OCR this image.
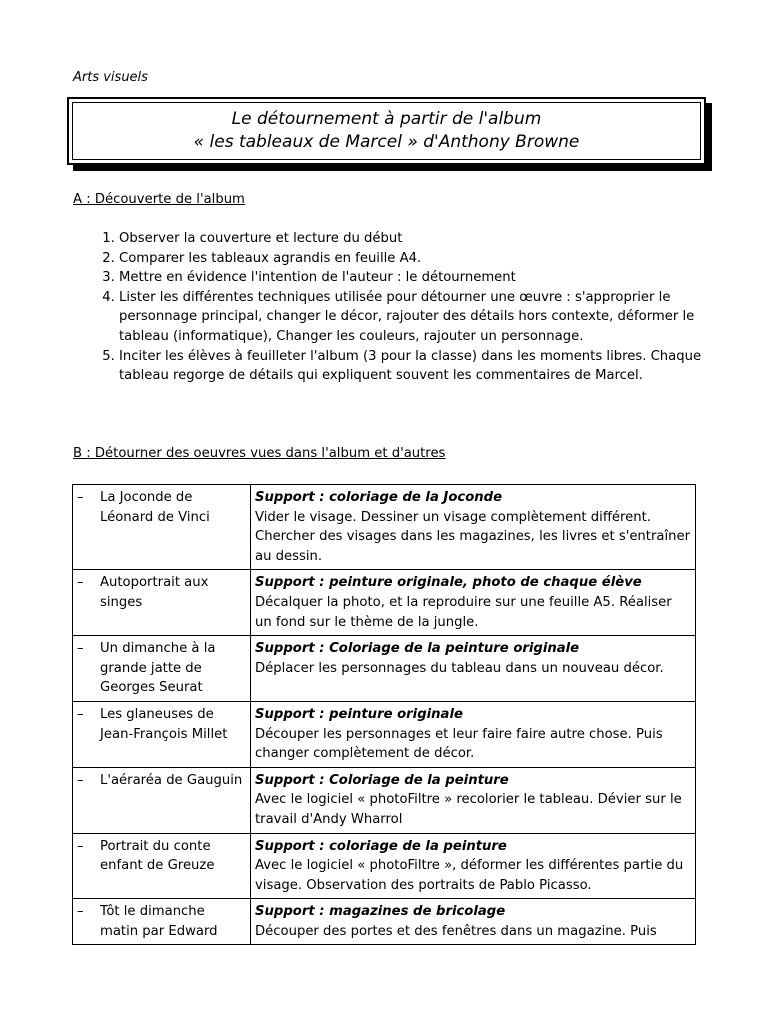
Arts visuels
Le détournement à partir de l'album
« les tableaux de Marcel » d'Anthony Browne
A : Découverte de l'album
1. Observer la couverture et lecture du début
2. Comparer les tableaux agrandis en feuille A4.
3. Mettre en évidence l'intention de l'auteur : le détournement
4. Lister les différentes techniques utilisée pour détourner une œuvre : s'approprier le personnage principal, changer le décor, rajouter des détails hors contexte, déformer le tableau (informatique), Changer les couleurs, rajouter un personnage.
5. Inciter les élèves à feuilleter l'album (3 pour la classe) dans les moments libres. Chaque tableau regorge de détails qui expliquent souvent les commentaires de Marcel.
B : Détourner des oeuvres vues dans l'album et d'autres
– La Joconde de Léonard de Vinci	Support : coloriage de la Joconde
Vider le visage. Dessiner un visage complètement différent. Chercher des visages dans les magazines, les livres et s'entraîner au dessin.

– Autoportrait aux singes	Support : peinture originale, photo de chaque élève
Décalquer la photo, et la reproduire sur une feuille A5. Réaliser un fond sur le thème de la jungle.

– Un dimanche à la grande jatte de Georges Seurat	Support : Coloriage de la peinture originale
Déplacer les personnages du tableau dans un nouveau décor.

– Les glaneuses de Jean-François Millet	Support : peinture originale
Découper les personnages et leur faire faire autre chose. Puis changer complètement de décor.

– L'aéraréa de Gauguin	Support : Coloriage de la peinture
Avec le logiciel « photoFiltre » recolorier le tableau. Dévier sur le travail d'Andy Wharrol

– Portrait du conte enfant de Greuze	Support : coloriage de la peinture
Avec le logiciel « photoFiltre », déformer les différentes partie du visage. Observation des portraits de Pablo Picasso.

– Tôt le dimanche matin par Edward	Support : magazines de bricolage
Découper des portes et des fenêtres dans un magazine. Puis
